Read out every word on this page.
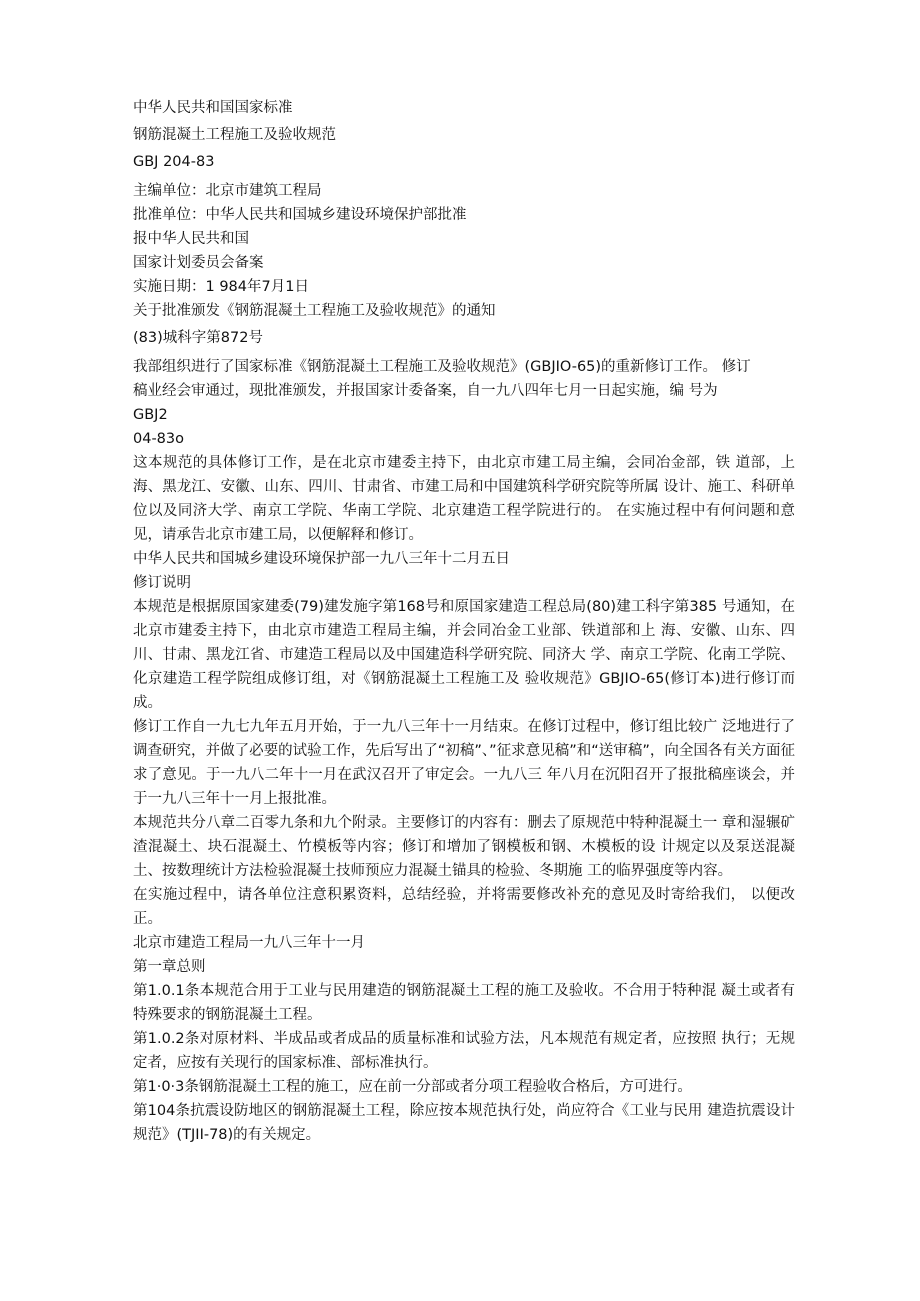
中华人民共和国国家标准
钢筋混凝土工程施工及验收规范
GBJ 204-83
主编单位：北京市建筑工程局
批准单位：中华人民共和国城乡建设环境保护部批准
报中华人民共和国
国家计划委员会备案
实施日期：1 984年7月1日
关于批准颁发《钢筋混凝土工程施工及验收规范》的通知
(83)城科字第872号
我部组织进行了国家标准《钢筋混凝土工程施工及验收规范》(GBJIO-65)的重新修订工作。 修订
稿业经会审通过，现批准颁发，并报国家计委备案，自一九八四年七月一日起实施，编 号为
GBJ2
04-83o
这本规范的具体修订工作，是在北京市建委主持下，由北京市建工局主编，会同冶金部，铁 道部，上海、黑龙江、安徽、山东、四川、甘肃省、市建工局和中国建筑科学研究院等所属 设计、施工、科研单位以及同济大学、南京工学院、华南工学院、北京建造工程学院进行的。 在实施过程中有何问题和意见，请承告北京市建工局，以便解释和修订。
中华人民共和国城乡建设环境保护部一九八三年十二月五日
修订说明
本规范是根据原国家建委(79)建发施字第168号和原国家建造工程总局(80)建工科字第385 号通知，在北京市建委主持下，由北京市建造工程局主编，并会同冶金工业部、铁道部和上 海、安徽、山东、四川、甘肃、黑龙江省、市建造工程局以及中国建造科学研究院、同济大 学、南京工学院、化南工学院、化京建造工程学院组成修订组，对《钢筋混凝土工程施工及 验收规范》GBJIO-65(修订本)进行修订而成。
修订工作自一九七九年五月开始，于一九八三年十一月结束。在修订过程中，修订组比较广 泛地进行了调查研究，并做了必要的试验工作，先后写出了“初稿”、”征求意见稿”和“送审稿”，向全国各有关方面征求了意见。于一九八二年十一月在武汉召开了审定会。一九八三 年八月在沉阳召开了报批稿座谈会，并于一九八三年十一月上报批准。
本规范共分八章二百零九条和九个附录。主要修订的内容有：删去了原规范中特种混凝土一 章和湿辗矿渣混凝土、块石混凝土、竹模板等内容；修订和增加了钢模板和钢、木模板的设 计规定以及泵送混凝土、按数理统计方法检验混凝土技师预应力混凝土锚具的检验、冬期施 工的临界强度等内容。
在实施过程中，请各单位注意积累资料，总结经验，并将需要修改补充的意见及时寄给我们， 以便改正。
北京市建造工程局一九八三年十一月
第一章总则
第1.0.1条本规范合用于工业与民用建造的钢筋混凝土工程的施工及验收。不合用于特种混 凝土或者有特殊要求的钢筋混凝土工程。
第1.0.2条对原材料、半成品或者成品的质量标准和试验方法，凡本规范有规定者，应按照 执行；无规定者，应按有关现行的国家标准、部标准执行。
第1·0·3条钢筋混凝土工程的施工，应在前一分部或者分项工程验收合格后，方可进行。
第104条抗震设防地区的钢筋混凝土工程，除应按本规范执行处，尚应符合《工业与民用 建造抗震设计规范》(TJII-78)的有关规定。
